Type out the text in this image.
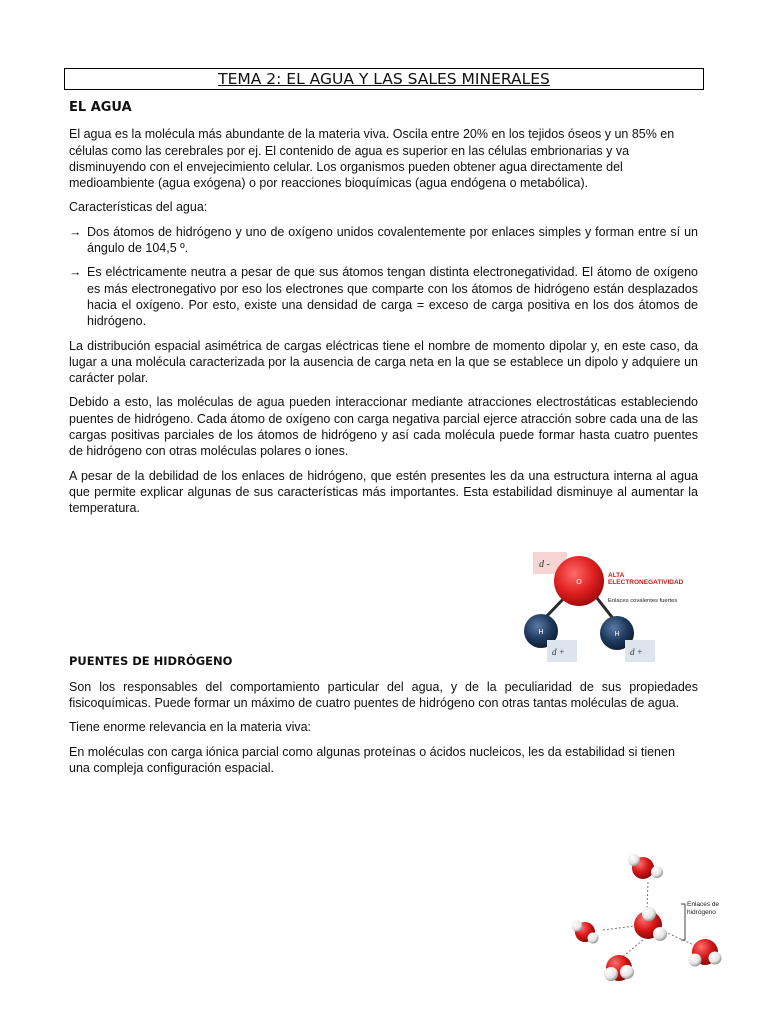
TEMA 2: EL AGUA Y LAS SALES MINERALES
EL AGUA

El agua es la molécula más abundante de la materia viva. Oscila entre 20% en los tejidos óseos y un 85% en células como las cerebrales por ej. El contenido de agua es superior en las células embrionarias y va disminuyendo con el envejecimiento celular. Los organismos pueden obtener agua directamente del medioambiente (agua exógena) o por reacciones bioquímicas (agua endógena o metabólica).

Características del agua:

→ Dos átomos de hidrógeno y uno de oxígeno unidos covalentemente por enlaces simples y forman entre sí un ángulo de 104,5 º.
→ Es eléctricamente neutra a pesar de que sus átomos tengan distinta electronegatividad. El átomo de oxígeno es más electronegativo por eso los electrones que comparte con los átomos de hidrógeno están desplazados hacia el oxígeno. Por esto, existe una densidad de carga = exceso de carga positiva en los dos átomos de hidrógeno.

La distribución espacial asimétrica de cargas eléctricas tiene el nombre de momento dipolar y, en este caso, da lugar a una molécula caracterizada por la ausencia de carga neta en la que se establece un dipolo y adquiere un carácter polar.

Debido a esto, las moléculas de agua pueden interaccionar mediante atracciones electrostáticas estableciendo puentes de hidrógeno. Cada átomo de oxígeno con carga negativa parcial ejerce atracción sobre cada una de las cargas positivas parciales de los átomos de hidrógeno y así cada molécula puede formar hasta cuatro puentes de hidrógeno con otras moléculas polares o iones.

A pesar de la debilidad de los enlaces de hidrógeno, que estén presentes les da una estructura interna al agua que permite explicar algunas de sus características más importantes. Esta estabilidad disminuye al aumentar la temperatura.

PUENTES DE HIDRÓGENO

Son los responsables del comportamiento particular del agua, y de la peculiaridad de sus propiedades fisicoquímicas. Puede formar un máximo de cuatro puentes de hidrógeno con otras tantas moléculas de agua.

Tiene enorme relevancia en la materia viva:

En moléculas con carga iónica parcial como algunas proteínas o ácidos nucleicos, les da estabilidad si tienen una compleja configuración espacial.

d -
O
ALTA
ELECTRONEGATIVIDAD
Enlaces covalentes fuertes
H	H
d +	d +
Enlaces de
hidrógeno
